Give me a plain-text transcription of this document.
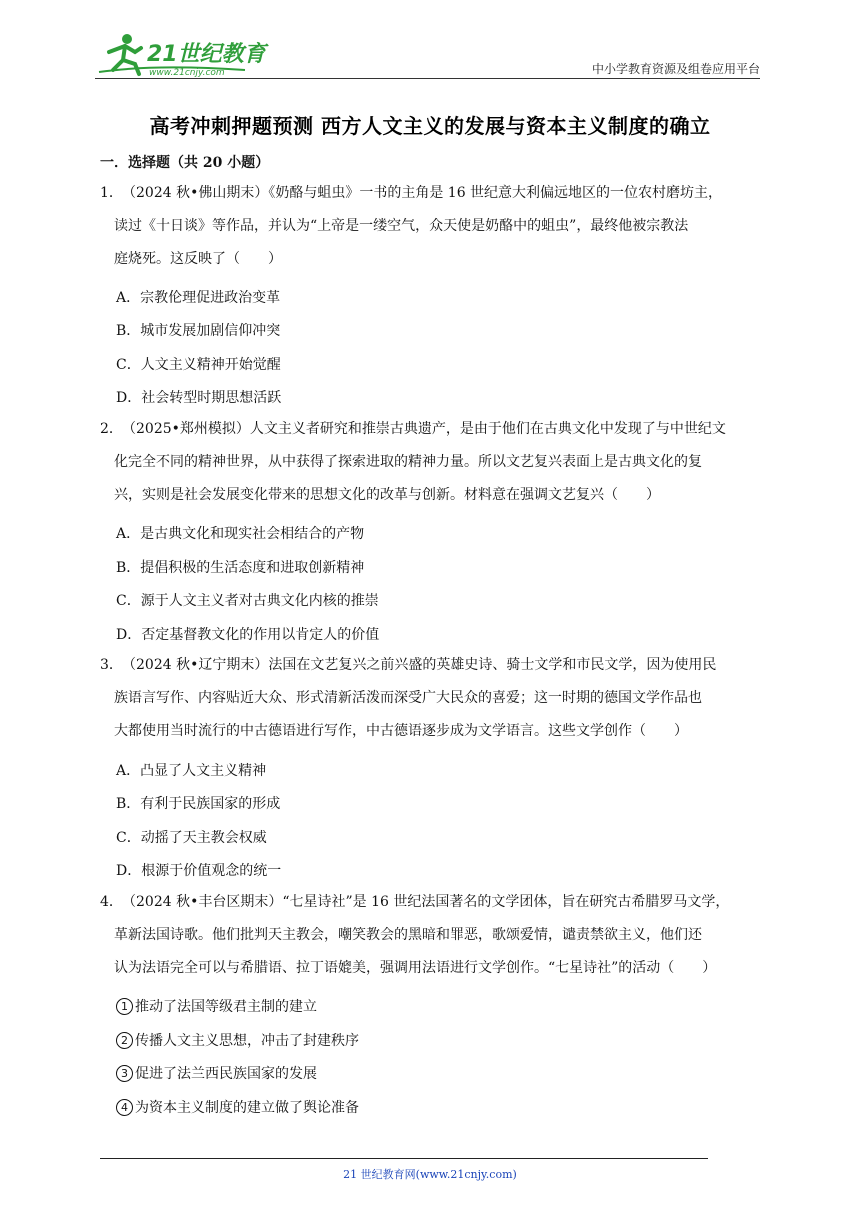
21世纪教育
www.21cnjy.com	中小学教育资源及组卷应用平台
高考冲刺押题预测 西方人文主义的发展与资本主义制度的确立
一．选择题（共 20 小题）
1．（2024 秋•佛山期末）《奶酪与蛆虫》一书的主角是 16 世纪意大利偏远地区的一位农村磨坊主，
读过《十日谈》等作品，并认为“上帝是一缕空气，众天使是奶酪中的蛆虫”，最终他被宗教法
庭烧死。这反映了（　　）
A．宗教伦理促进政治变革
B．城市发展加剧信仰冲突
C．人文主义精神开始觉醒
D．社会转型时期思想活跃
2．（2025•郑州模拟）人文主义者研究和推崇古典遗产，是由于他们在古典文化中发现了与中世纪文
化完全不同的精神世界，从中获得了探索进取的精神力量。所以文艺复兴表面上是古典文化的复
兴，实则是社会发展变化带来的思想文化的改革与创新。材料意在强调文艺复兴（　　）
A．是古典文化和现实社会相结合的产物
B．提倡积极的生活态度和进取创新精神
C．源于人文主义者对古典文化内核的推崇
D．否定基督教文化的作用以肯定人的价值
3．（2024 秋•辽宁期末）法国在文艺复兴之前兴盛的英雄史诗、骑士文学和市民文学，因为使用民
族语言写作、内容贴近大众、形式清新活泼而深受广大民众的喜爱；这一时期的德国文学作品也
大都使用当时流行的中古德语进行写作，中古德语逐步成为文学语言。这些文学创作（　　）
A．凸显了人文主义精神
B．有利于民族国家的形成
C．动摇了天主教会权威
D．根源于价值观念的统一
4．（2024 秋•丰台区期末）“七星诗社”是 16 世纪法国著名的文学团体，旨在研究古希腊罗马文学，
革新法国诗歌。他们批判天主教会，嘲笑教会的黑暗和罪恶，歌颂爱情，谴责禁欲主义，他们还
认为法语完全可以与希腊语、拉丁语媲美，强调用法语进行文学创作。“七星诗社”的活动（　　）
1 推动了法国等级君主制的建立
2 传播人文主义思想，冲击了封建秩序
3 促进了法兰西民族国家的发展
4 为资本主义制度的建立做了舆论准备
21 世纪教育网(www.21cnjy.com)
